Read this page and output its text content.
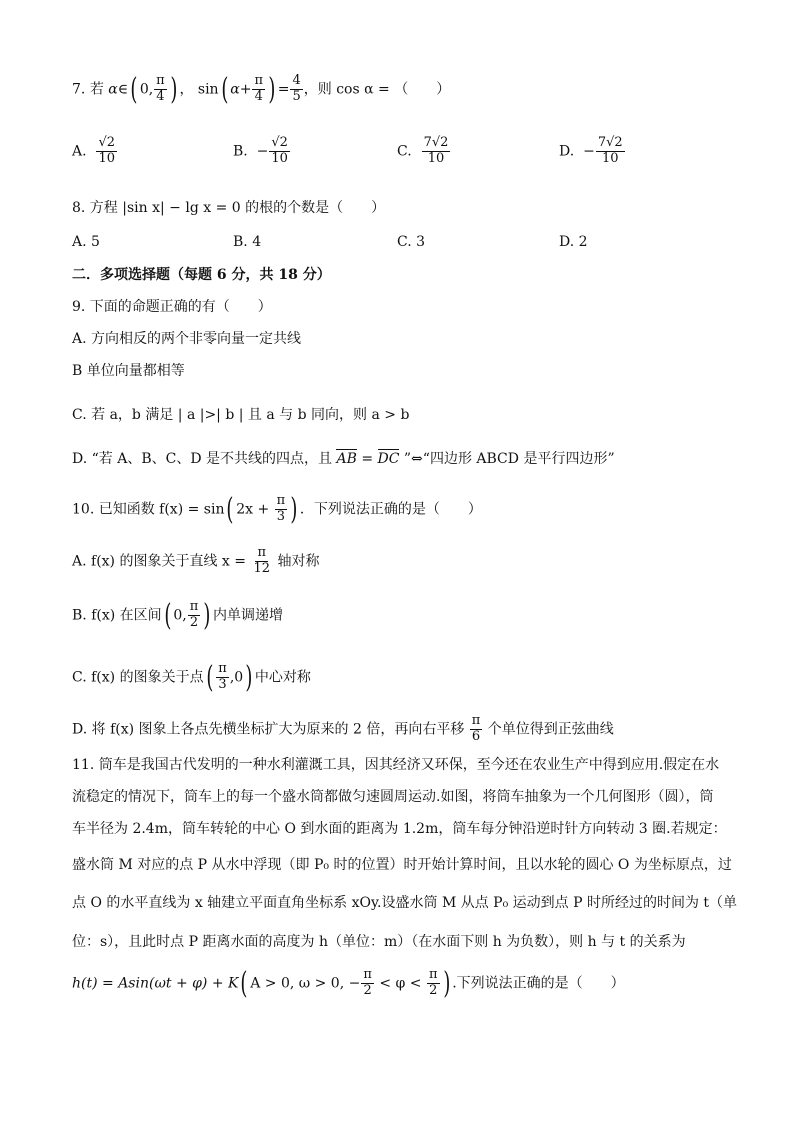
7. 若 α∈( 0, $\frac{\pi}{4}$ ) ， sin( $\alpha+ \frac{\pi}{4}$ ) = $\frac{4}{5}$ ，则 cos α = （　　）
A. $\frac{√2}{10}$	B. − $\frac{√2}{10}$	C. $\frac{7√2}{10}$	D. − $\frac{7√2}{10}$
8. 方程 |sin x| − lg x = 0 的根的个数是（　　）
A. 5	B. 4	C. 3	D. 2
二．多项选择题（每题 6 分，共 18 分）
9. 下面的命题正确的有（　　）
A. 方向相反的两个非零向量一定共线
B 单位向量都相等
C. 若 a，b 满足 | a |>| b | 且 a 与 b 同向，则 a > b
D. “若 A、B、C、D 是不共线的四点，且 AB = DC ”⇔“四边形 ABCD 是平行四边形”
10. 已知函数 f(x) = sin( $2x + \frac{\pi}{3}$ ) ．下列说法正确的是（　　）
A. f(x) 的图象关于直线 $x = \frac{\pi}{12}$ 轴对称
B. f(x) 在区间( 0, $\frac{\pi}{2}$ ) 内单调递增
C. f(x) 的图象关于点( $\frac{\pi}{3} ,0$) 中心对称
D. 将 f(x) 图象上各点先横坐标扩大为原来的 2 倍，再向右平移 $\frac{\pi}{6}$ 个单位得到正弦曲线
11. 筒车是我国古代发明的一种水利灌溉工具，因其经济又环保，至今还在农业生产中得到应用.假定在水
流稳定的情况下，筒车上的每一个盛水筒都做匀速圆周运动.如图，将筒车抽象为一个几何图形（圆），筒
车半径为 2.4m，筒车转轮的中心 O 到水面的距离为 1.2m，筒车每分钟沿逆时针方向转动 3 圈.若规定：
盛水筒 M 对应的点 P 从水中浮现（即 P₀ 时的位置）时开始计算时间，且以水轮的圆心 O 为坐标原点，过
点 O 的水平直线为 x 轴建立平面直角坐标系 xOy.设盛水筒 M 从点 P₀ 运动到点 P 时所经过的时间为 t（单
位：s），且此时点 P 距离水面的高度为 h（单位：m）（在水面下则 h 为负数），则 h 与 t 的关系为
h(t) = Asin(ωt + φ) + K( A > 0, ω > 0, − $\frac{\pi}{2} < \varphi < \frac{\pi}{2}$ ) .下列说法正确的是（　　）
